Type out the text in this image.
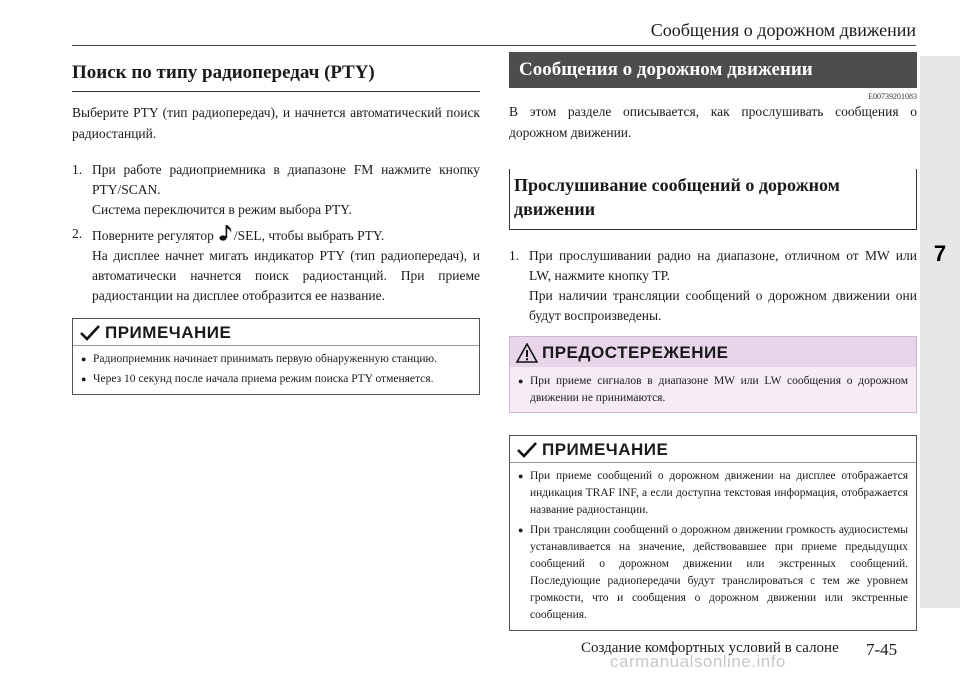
Сообщения о дорожном движении
7
Поиск по типу радиопередач (PTY)

Выберите PTY (тип радиопередач), и начнется автоматический поиск радиостанций.

1. При работе радиоприемника в диапазоне FM нажмите кнопку PTY/SCAN.

Система переключится в режим выбора PTY.

2. Поверните регулятор /SEL, чтобы выбрать PTY.

На дисплее начнет мигать индикатор PTY (тип радиопередач), и автоматически начнется поиск радиостанций. При приеме радиостанции на дисплее отобразится ее название.

ПРИМЕЧАНИЕ
● Радиоприемник начинает принимать первую обнаруженную станцию.

● Через 10 секунд после начала приема режим поиска PTY отменяется.

Сообщения о дорожном движении
E00739201083

В этом разделе описывается, как прослушивать сообщения о дорожном движении.

Прослушивание сообщений о дорожном движении
1. При прослушивании радио на диапазоне, отличном от MW или LW, нажмите кнопку TP.

При наличии трансляции сообщений о дорожном движении они будут воспроизведены.

ПРЕДОСТЕРЕЖЕНИЕ
● При приеме сигналов в диапазоне MW или LW сообщения о дорожном движении не принимаются.

ПРИМЕЧАНИЕ
● При приеме сообщений о дорожном движении на дисплее отображается индикация TRAF INF, а если доступна текстовая информация, отображается название радиостанции.

● При трансляции сообщений о дорожном движении громкость аудиосистемы устанавливается на значение, действовавшее при приеме предыдущих сообщений о дорожном движении или экстренных сообщений. Последующие радиопередачи будут транслироваться с тем же уровнем громкости, что и сообщения о дорожном движении или экстренные сообщения.

Создание комфортных условий в салоне 7-45
carmanualsonline.info
